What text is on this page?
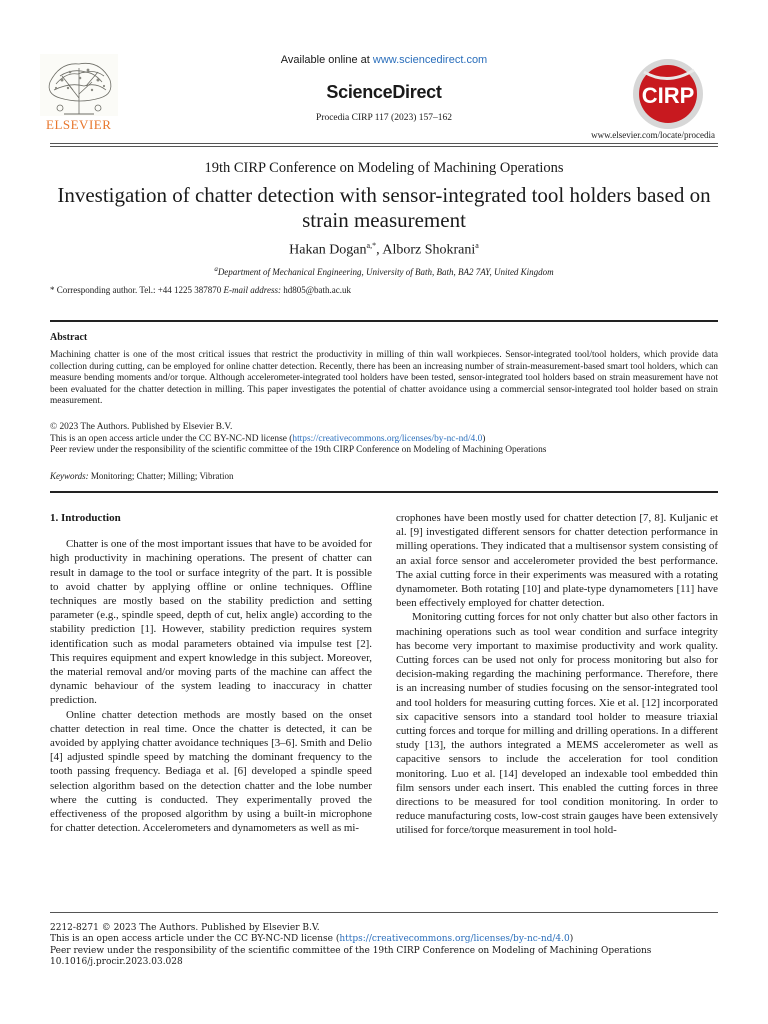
ELSEVIER
Available online at www.sciencedirect.com
ScienceDirect
Procedia CIRP 117 (2023) 157–162
CIRP
www.elsevier.com/locate/procedia
19th CIRP Conference on Modeling of Machining Operations
Investigation of chatter detection with sensor-integrated tool holders based on strain measurement
Hakan Dogan$^{a,*}$, Alborz Shokrani$^a$
$^a$Department of Mechanical Engineering, University of Bath, Bath, BA2 7AY, United Kingdom
* Corresponding author. Tel.: +44 1225 387870 E-mail address: hd805@bath.ac.uk
Abstract
Machining chatter is one of the most critical issues that restrict the productivity in milling of thin wall workpieces. Sensor-integrated tool/tool holders, which provide data collection during cutting, can be employed for online chatter detection. Recently, there has been an increasing number of strain-measurement-based smart tool holders, which can measure bending moments and/or torque. Although accelerometer-integrated tool holders have been tested, sensor-integrated tool holders based on strain measurement have not been evaluated for the chatter detection in milling. This paper investigates the potential of chatter avoidance using a commercial sensor-integrated tool holder based on strain measurement.
© 2023 The Authors. Published by Elsevier B.V.
This is an open access article under the CC BY-NC-ND license (https://creativecommons.org/licenses/by-nc-nd/4.0)
Peer review under the responsibility of the scientific committee of the 19th CIRP Conference on Modeling of Machining Operations
Keywords: Monitoring; Chatter; Milling; Vibration

1. Introduction

Chatter is one of the most important issues that have to be avoided for high productivity in machining operations. The present of chatter can result in damage to the tool or surface integrity of the part. It is possible to avoid chatter by applying offline or online techniques. Offline techniques are mostly based on the stability prediction and setting parameter (e.g., spindle speed, depth of cut, helix angle) according to the stability prediction [1]. However, stability prediction requires system identification such as modal parameters obtained via impulse test [2]. This requires equipment and expert knowledge in this subject. Moreover, the material removal and/or moving parts of the machine can affect the dynamic behaviour of the system leading to inaccuracy in chatter prediction.

Online chatter detection methods are mostly based on the onset chatter detection in real time. Once the chatter is detected, it can be avoided by applying chatter avoidance techniques [3–6]. Smith and Delio [4] adjusted spindle speed by matching the dominant frequency to the tooth passing frequency. Bediaga et al. [6] developed a spindle speed selection algorithm based on the detection chatter and the lobe number where the cutting is conducted. They experimentally proved the effectiveness of the proposed algorithm by using a built-in microphone for chatter detection. Accelerometers and dynamometers as well as mi-

crophones have been mostly used for chatter detection [7, 8]. Kuljanic et al. [9] investigated different sensors for chatter detection performance in milling operations. They indicated that a multisensor system consisting of an axial force sensor and accelerometer provided the best performance. The axial cutting force in their experiments was measured with a rotating dynamometer. Both rotating [10] and plate-type dynamometers [11] have been effectively employed for chatter detection.

Monitoring cutting forces for not only chatter but also other factors in machining operations such as tool wear condition and surface integrity has become very important to maximise productivity and work quality. Cutting forces can be used not only for process monitoring but also for decision-making regarding the machining performance. Therefore, there is an increasing number of studies focusing on the sensor-integrated tool and tool holders for measuring cutting forces. Xie et al. [12] incorporated six capacitive sensors into a standard tool holder to measure triaxial cutting forces and torque for milling and drilling operations. In a different study [13], the authors integrated a MEMS accelerometer as well as capacitive sensors to include the acceleration for tool condition monitoring. Luo et al. [14] developed an indexable tool embedded thin film sensors under each insert. This enabled the cutting forces in three directions to be measured for tool condition monitoring. In order to reduce manufacturing costs, low-cost strain gauges have been extensively utilised for force/torque measurement in tool hold-

2212-8271 © 2023 The Authors. Published by Elsevier B.V.
This is an open access article under the CC BY-NC-ND license (https://creativecommons.org/licenses/by-nc-nd/4.0)
Peer review under the responsibility of the scientific committee of the 19th CIRP Conference on Modeling of Machining Operations
10.1016/j.procir.2023.03.028
